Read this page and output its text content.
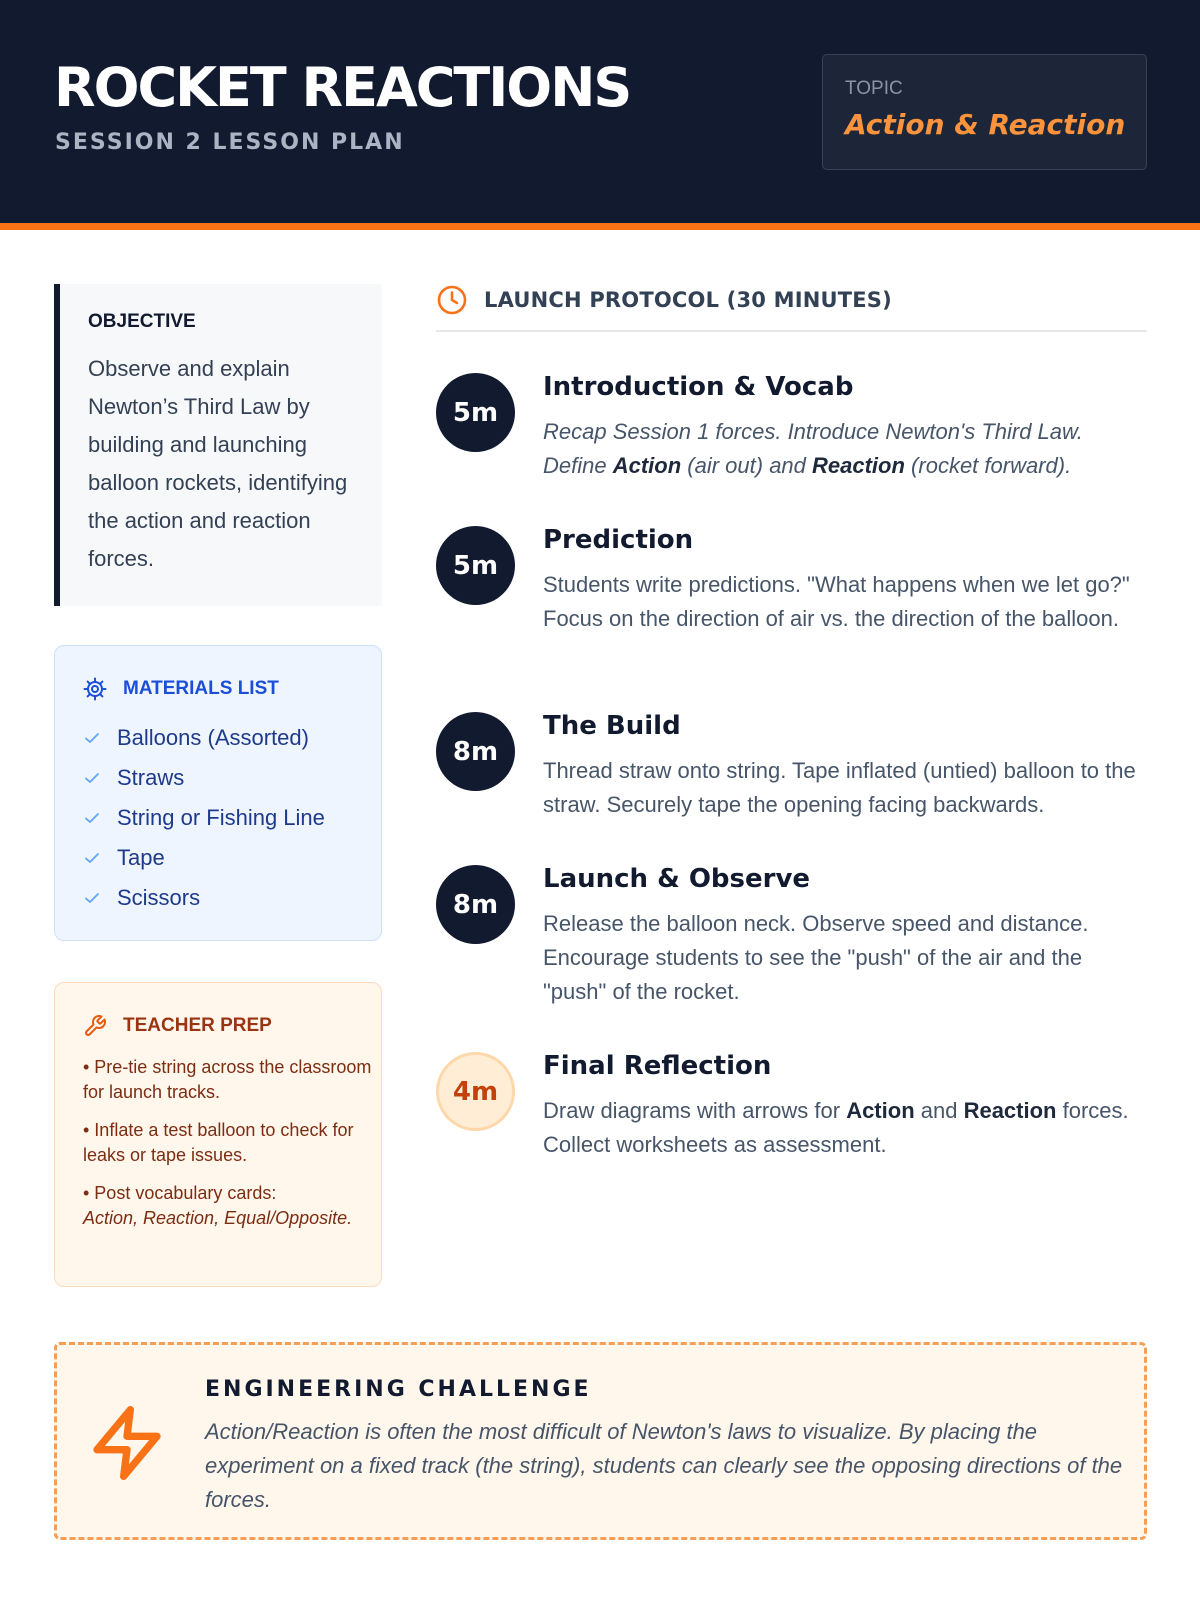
ROCKET REACTIONS
SESSION 2 LESSON PLAN
TOPIC
Action & Reaction
OBJECTIVE

Observe and explain Newton’s Third Law by building and launching balloon rockets, identifying the action and reaction forces.

MATERIALS LIST
Balloons (Assorted)
Straws
String or Fishing Line
Tape
Scissors
TEACHER PREP
• Pre-tie string across the classroom for launch tracks.
• Inflate a test balloon to check for leaks or tape issues.
• Post vocabulary cards:
Action, Reaction, Equal/Opposite.
LAUNCH PROTOCOL (30 MINUTES)
5m
Introduction & Vocab

Recap Session 1 forces. Introduce Newton's Third Law. Define Action (air out) and Reaction (rocket forward).

5m
Prediction

Students write predictions. "What happens when we let go?" Focus on the direction of air vs. the direction of the balloon.

8m
The Build

Thread straw onto string. Tape inflated (untied) balloon to the straw. Securely tape the opening facing backwards.

8m
Launch & Observe

Release the balloon neck. Observe speed and distance. Encourage students to see the "push" of the air and the "push" of the rocket.

4m
Final Reflection

Draw diagrams with arrows for Action and Reaction forces. Collect worksheets as assessment.

ENGINEERING CHALLENGE

Action/Reaction is often the most difficult of Newton's laws to visualize. By placing the experiment on a fixed track (the string), students can clearly see the opposing directions of the forces.
